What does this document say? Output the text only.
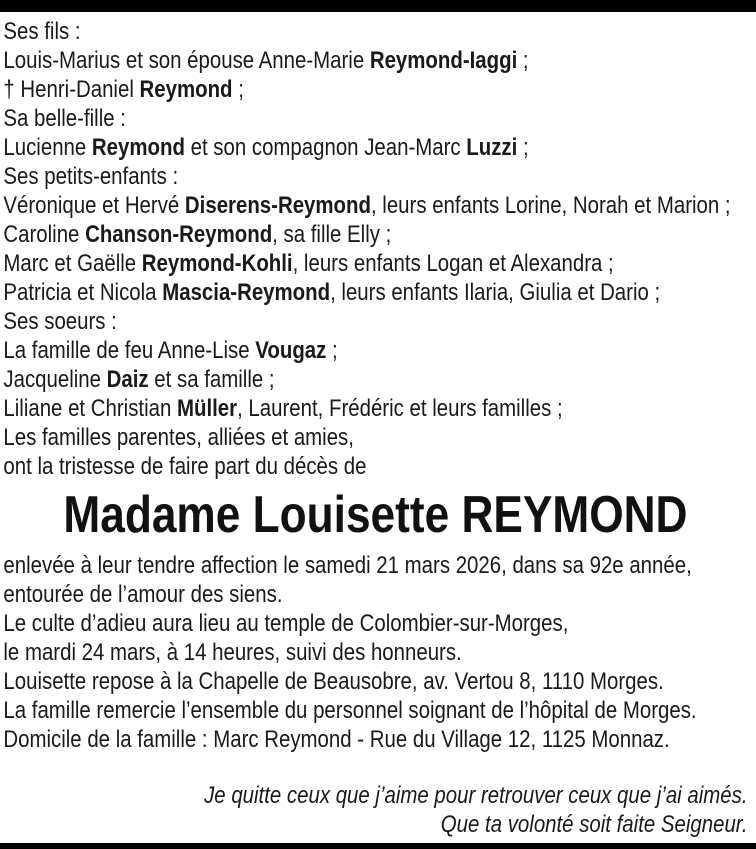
Ses fils :
Louis-Marius et son épouse Anne-Marie Reymond-Iaggi ;
† Henri-Daniel Reymond ;
Sa belle-fille :
Lucienne Reymond et son compagnon Jean-Marc Luzzi ;
Ses petits-enfants :
Véronique et Hervé Diserens-Reymond, leurs enfants Lorine, Norah et Marion ;
Caroline Chanson-Reymond, sa fille Elly ;
Marc et Gaëlle Reymond-Kohli, leurs enfants Logan et Alexandra ;
Patricia et Nicola Mascia-Reymond, leurs enfants Ilaria, Giulia et Dario ;
Ses soeurs :
La famille de feu Anne-Lise Vougaz ;
Jacqueline Daiz et sa famille ;
Liliane et Christian Müller, Laurent, Frédéric et leurs familles ;
Les familles parentes, alliées et amies,
ont la tristesse de faire part du décès de
Madame Louisette REYMOND
enlevée à leur tendre affection le samedi 21 mars 2026, dans sa 92e année,
entourée de l’amour des siens.
Le culte d’adieu aura lieu au temple de Colombier-sur-Morges,
le mardi 24 mars, à 14 heures, suivi des honneurs.
Louisette repose à la Chapelle de Beausobre, av. Vertou 8, 1110 Morges.
La famille remercie l’ensemble du personnel soignant de l’hôpital de Morges.
Domicile de la famille : Marc Reymond - Rue du Village 12, 1125 Monnaz.
Je quitte ceux que j’aime pour retrouver ceux que j’ai aimés.
Que ta volonté soit faite Seigneur.
